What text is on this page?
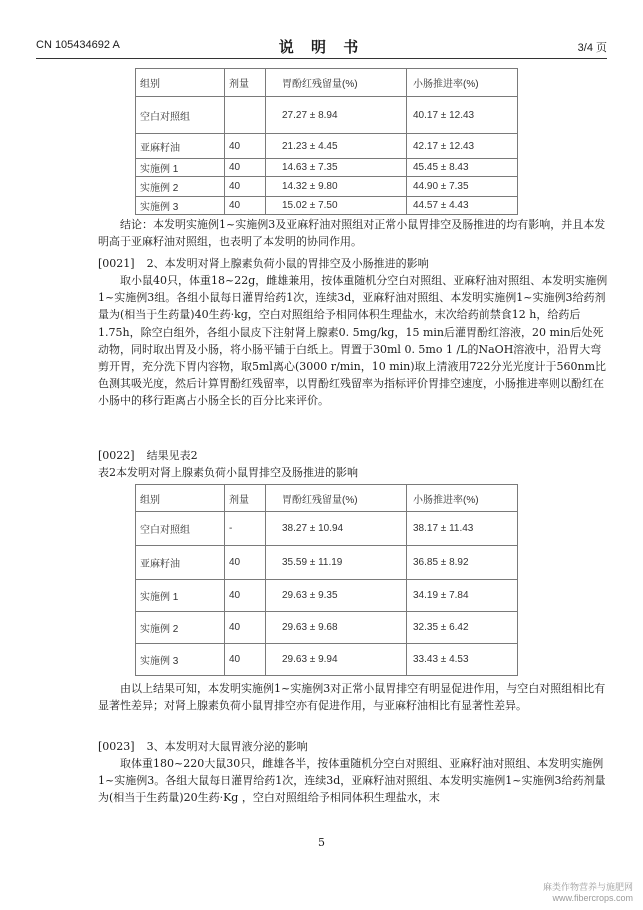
CN 105434692 A	说 明 书	3/4 页
组别	剂量	胃酚红残留量(%)	小肠推进率(%)
空白对照组		27.27 ± 8.94	40.17 ± 12.43
亚麻籽油	40	21.23 ± 4.45	42.17 ± 12.43
实施例 1	40	14.63 ± 7.35	45.45 ± 8.43
实施例 2	40	14.32 ± 9.80	44.90 ± 7.35
实施例 3	40	15.02 ± 7.50	44.57 ± 4.43

结论：本发明实施例1~实施例3及亚麻籽油对照组对正常小鼠胃排空及肠推进的均有影响，并且本发明高于亚麻籽油对照组，也表明了本发明的协同作用。

[0021] 2、本发明对肾上腺素负荷小鼠的胃排空及小肠推进的影响

取小鼠40只，体重18~22g，雌雄兼用，按体重随机分空白对照组、亚麻籽油对照组、本发明实施例1~实施例3组。各组小鼠每日灌胃给药1次，连续3d，亚麻籽油对照组、本发明实施例1~实施例3给药剂量为(相当于生药量)40生药·kg，空白对照组给予相同体积生理盐水，末次给药前禁食12 h，给药后1.75h，除空白组外，各组小鼠皮下注射肾上腺素0. 5mg/kg，15 min后灌胃酚红溶液，20 min后处死动物，同时取出胃及小肠，将小肠平铺于白纸上。胃置于30ml 0. 5mo 1 /L的NaOH溶液中，沿胃大弯剪开胃，充分洗下胃内容物，取5ml离心(3000 r/min，10 min)取上清液用722分光光度计于560nm比色测其吸光度，然后计算胃酚红残留率，以胃酚红残留率为指标评价胃排空速度，小肠推进率则以酚红在小肠中的移行距离占小肠全长的百分比来评价。

[0022] 结果见表2

表2本发明对肾上腺素负荷小鼠胃排空及肠推进的影响

组别	剂量	胃酚红残留量(%)	小肠推进率(%)
空白对照组	-	38.27 ± 10.94	38.17 ± 11.43
亚麻籽油	40	35.59 ± 11.19	36.85 ± 8.92
实施例 1	40	29.63 ± 9.35	34.19 ± 7.84
实施例 2	40	29.63 ± 9.68	32.35 ± 6.42
实施例 3	40	29.63 ± 9.94	33.43 ± 4.53

由以上结果可知，本发明实施例1~实施例3对正常小鼠胃排空有明显促进作用，与空白对照组相比有显著性差异；对肾上腺素负荷小鼠胃排空亦有促进作用，与亚麻籽油相比有显著性差异。

[0023] 3、本发明对大鼠胃液分泌的影响

取体重180~220大鼠30只，雌雄各半，按体重随机分空白对照组、亚麻籽油对照组、本发明实施例1~实施例3。各组大鼠每日灌胃给药1次，连续3d，亚麻籽油对照组、本发明实施例1~实施例3给药剂量为(相当于生药量)20生药·Kg ，空白对照组给予相同体积生理盐水，末

5
麻类作物营养与施肥网
www.fibercrops.com
